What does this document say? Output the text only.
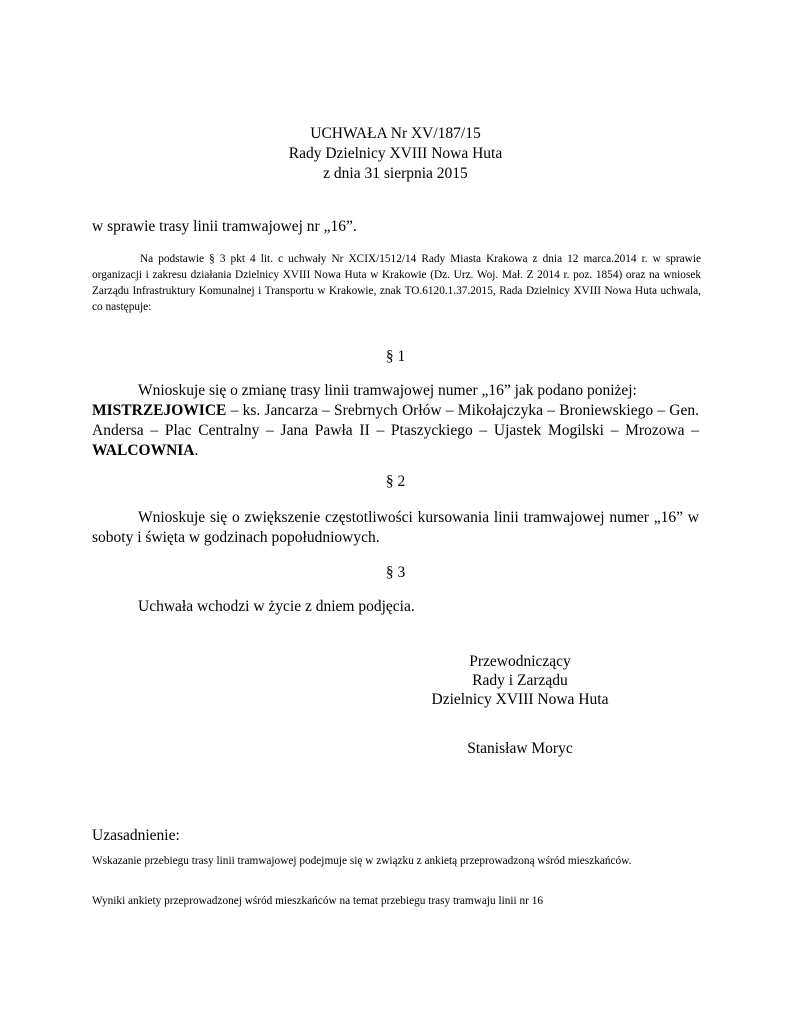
UCHWAŁA Nr XV/187/15
Rady Dzielnicy XVIII Nowa Huta
z dnia 31 sierpnia 2015
w sprawie trasy linii tramwajowej nr „16”.
Na podstawie § 3 pkt 4 lit. c uchwały Nr XCIX/1512/14 Rady Miasta Krakowa z dnia 12 marca.2014 r. w sprawie organizacji i zakresu działania Dzielnicy XVIII Nowa Huta w Krakowie (Dz. Urz. Woj. Mał. Z 2014 r. poz. 1854) oraz na wniosek Zarządu Infrastruktury Komunalnej i Transportu w Krakowie, znak TO.6120.1.37.2015, Rada Dzielnicy XVIII Nowa Huta uchwala, co następuje:
§ 1
Wnioskuje się o zmianę trasy linii tramwajowej numer „16” jak podano poniżej:
MISTRZEJOWICE – ks. Jancarza – Srebrnych Orłów – Mikołajczyka – Broniewskiego – Gen. Andersa – Plac Centralny – Jana Pawła II – Ptaszyckiego – Ujastek Mogilski – Mrozowa – WALCOWNIA.
§ 2
Wnioskuje się o zwiększenie częstotliwości kursowania linii tramwajowej numer „16” w soboty i święta w godzinach popołudniowych.
§ 3
Uchwała wchodzi w życie z dniem podjęcia.
Przewodniczący
Rady i Zarządu
Dzielnicy XVIII Nowa Huta
Stanisław Moryc
Uzasadnienie:
Wskazanie przebiegu trasy linii tramwajowej podejmuje się w związku z ankietą przeprowadzoną wśród mieszkańców.
Wyniki ankiety przeprowadzonej wśród mieszkańców na temat przebiegu trasy tramwaju linii nr 16
